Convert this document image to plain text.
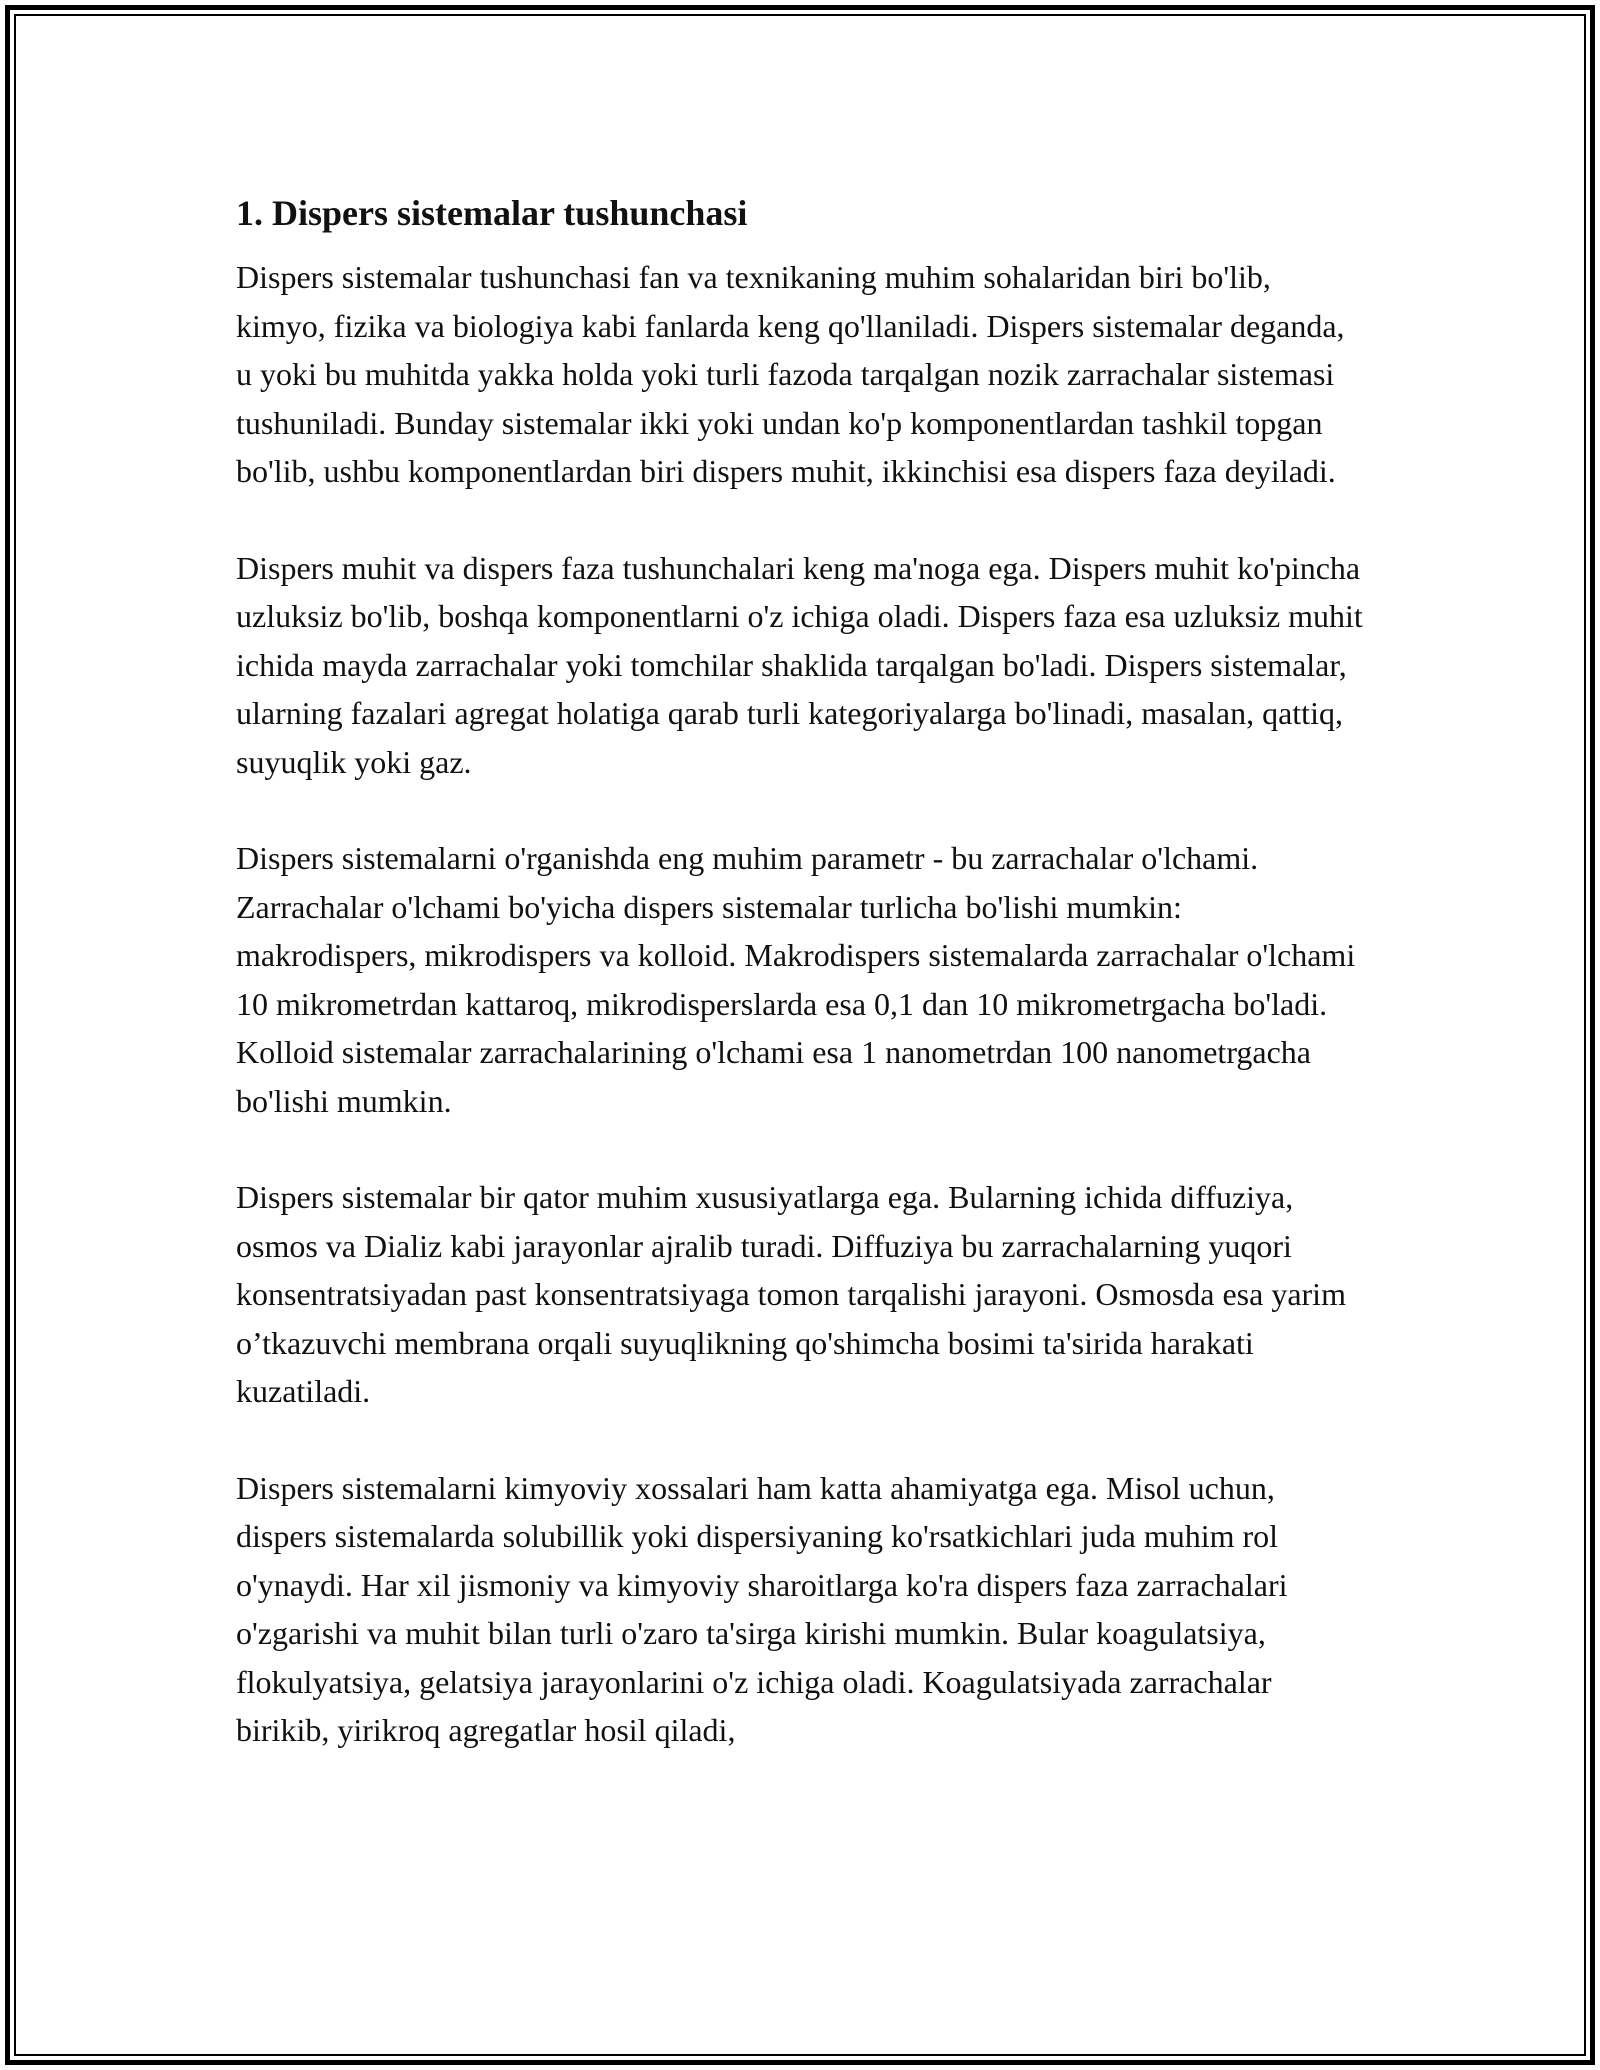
1. Dispers sistemalar tushunchasi

Dispers sistemalar tushunchasi fan va texnikaning muhim sohalaridan biri bo'lib, kimyo, fizika va biologiya kabi fanlarda keng qo'llaniladi. Dispers sistemalar deganda, u yoki bu muhitda yakka holda yoki turli fazoda tarqalgan nozik zarrachalar sistemasi tushuniladi. Bunday sistemalar ikki yoki undan ko'p komponentlardan tashkil topgan bo'lib, ushbu komponentlardan biri dispers muhit, ikkinchisi esa dispers faza deyiladi.

Dispers muhit va dispers faza tushunchalari keng ma'noga ega. Dispers muhit ko'pincha uzluksiz bo'lib, boshqa komponentlarni o'z ichiga oladi. Dispers faza esa uzluksiz muhit ichida mayda zarrachalar yoki tomchilar shaklida tarqalgan bo'ladi. Dispers sistemalar, ularning fazalari agregat holatiga qarab turli kategoriyalarga bo'linadi, masalan, qattiq, suyuqlik yoki gaz.

Dispers sistemalarni o'rganishda eng muhim parametr - bu zarrachalar o'lchami. Zarrachalar o'lchami bo'yicha dispers sistemalar turlicha bo'lishi mumkin: makrodispers, mikrodispers va kolloid. Makrodispers sistemalarda zarrachalar o'lchami 10 mikrometrdan kattaroq, mikrodisperslarda esa 0,1 dan 10 mikrometrgacha bo'ladi. Kolloid sistemalar zarrachalarining o'lchami esa 1 nanometrdan 100 nanometrgacha bo'lishi mumkin.

Dispers sistemalar bir qator muhim xususiyatlarga ega. Bularning ichida diffuziya, osmos va Dializ kabi jarayonlar ajralib turadi. Diffuziya bu zarrachalarning yuqori konsentratsiyadan past konsentratsiyaga tomon tarqalishi jarayoni. Osmosda esa yarim o’tkazuvchi membrana orqali suyuqlikning qo'shimcha bosimi ta'sirida harakati kuzatiladi.

Dispers sistemalarni kimyoviy xossalari ham katta ahamiyatga ega. Misol uchun, dispers sistemalarda solubillik yoki dispersiyaning ko'rsatkichlari juda muhim rol o'ynaydi. Har xil jismoniy va kimyoviy sharoitlarga ko'ra dispers faza zarrachalari o'zgarishi va muhit bilan turli o'zaro ta'sirga kirishi mumkin. Bular koagulatsiya, flokulyatsiya, gelatsiya jarayonlarini o'z ichiga oladi. Koagulatsiyada zarrachalar birikib, yirikroq agregatlar hosil qiladi,
